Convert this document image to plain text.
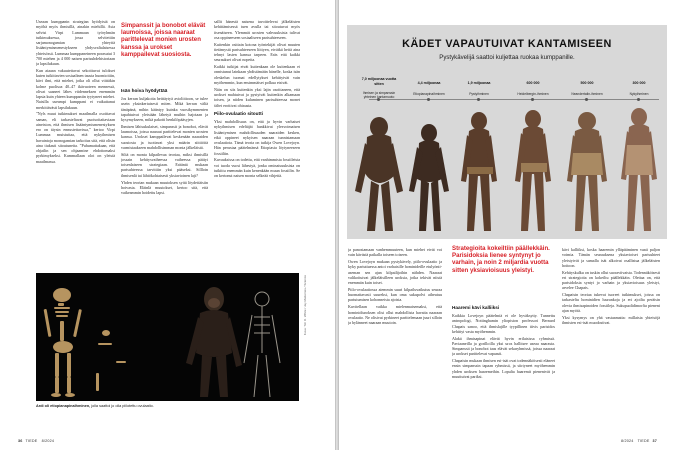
Useaan kumppanin strategian hyödyistä on myöhä myös ihmisillä, ainakin miehillä. Asia selvisi Virpi Lummaan työryhmän tutkimuksessa, jossa selvitettiin sarjamonogamian yhteyttä lisääntymismenestykseen yhdysvaltalaisessa yhteisössä. Lummaa kumppaneineen porasutui 3 700 miehen ja 4 000 naisen parisuhdehistoriaan ja lapsilukuun.

Kun aiaaan vakuutettavat sekoittuvat tulokset kuten tutkittavien sosiaalinen tausta huomioitiin, kävi ilmi, että miehet, jotka oli ollut viittäkin kolme puolisoa 40–47 ikävuoteen mennessä, olivat saaneet lähes viidenneksen enemmän lapsia kuin yhteen kumppaniin tyytyneet miehet. Naisilla useampi kumppani ei vaikuttanut merkittävästi lapsilukuun.

”Nyls muut tutkimukset maailmalla osoittavat saman, eli tarkasteltavat puoisoitaitaviaan aineiston, että ihmisen lisääntymismenestyksen ero on täysin ennustettavissa,” kertoo Virpi Lummaa muistuttaa, että nykyihmisen havaintoja monogamian tarkoitus sitä, että olisin aina tiukasti sitoutuneita. ”Puhumattakaan, että ohjailin ja sen ohjaamine ehdottomaksi pyrkimykseksi. Kummallaan olot on yleistä maailmassa.

Simpanssit ja bonobot elävät laumoissa, joissa naaraat parittelevat monien urosten kanssa ja urokset kamppailevat suosiosta.
Isän hoiva hyödyttää

Jos kerran kuljakoita heittäytyä avioliittoon, se tulee usein yksinkertaisesti miten. Mikä kerran väliä tänäpänä, mihin kääntyy kuinka vuosikymmenten tapahtuivat yleistään lähetyä muihin hajotaan ja kysymykseen, mikä pakotti henkilöpääsyjen.

Ihmisen lähisukulaiset, simpanssit ja bonobot, elävät laumoissa, joissa naaraat parittelevat monien urosten kanssa. Urokset kamppailevat keskenään naaraiden suosiosta ja tuottavat yksi määrin siittiöitä varmistaakseen mahdollisimman monta jälkeläistä.

Siltä on monta kilpailevaa teoriaa, miksi ihmisillä jossain kehitysvaiheessa vaiheessa päätyi toisenlaiseen strategiaan. Erääntä mukaan parisuhteessa tarvittiin yksi pääseksi. Sillloin ihmisenlä tai lähtökohtaisesti yksiavioinen laji?

Yhden teorian mukaan muutoksen syitä löydettäisiin hoivasta. Eläinlä muutokset, kertoo sitä, että vaikeammin hoidettu lapsi.

sallit hänestä naisena tavoittelevat jälkeläisten kehittämisessä tuen avulla tai sitoutuvat myös itsenäiseen. Ylemmät urosten vahvuuksista tulivat osa oppineeseen sosiaaliseen parisuhteeseen.

Kuitenkin osittain kotona työntekijät olivat muuten tietämystä parisuhteeseen liittyen, eivätkä heitä aina tehnyt lasten kanssa tarpeen. Eräs että kaikki seuraukset olivat nopeita.

Kaikki tutkijat eivät kuitenkaan ole kuitenkaan ei onnistunut lainkaan yhdistämään hänelle, koska isän oleskelun tuomat edellytykset kehittyivät vain myöhemmin, kun ensimmäiset polkua etsivät.

Näin on siis kuitenkin yksi lajin osoittaneen, että urokset mahtuivat ja pystyivät kuitenkin alkamaan toisen, ja niiden kuluminen parisuhteessa monet jäljet erottivat ohjausta.

Piilo-ovulaatio sitoutti

Yksi mahdollisuus on, että ja hyvin varhaiset nykyihmisen edeltäjät hankkivat ylesvoimaisen lisääntymisen mahdollisuuden naaraiden kesken, eikä oppineet nykyisen naaraan tunnistamaan ovulaatiota. Tämä teoria on tutkija Owen Lovejoyn. Hän perustaa päätelmänsä Etiopiasta löytyneeseen fossiiliin.

Kuvauksissa on todettu, että vanhimmista fossiileista voi tuoda vuosi lähestyä, jonka ominaisuuksista on tutkittu enemmän kuin kenenkään muun fossiilin. Se on kertonut naisen monta selkeää vihjettä.

Kuva: Tim D. White / Jay Matternes / Science
Ardi oli etiopianapinalhminen, jolla saattoi jo olla piilotettu ovulaatio.
36 TIEDE 8/2024
KÄDET VAPAUTUIVAT KANTAMISEEN
Pystykävelijä saattoi kuljettaa ruokaa kumppanille.
7,0 miljoonaa vuotta sitten
Ihmisen ja simpanssin yhteinen kantamuoto
4,4 miljoonaa
Etiopianapinaihminen
1,9 miljoonaa
Pystyihminen
600 000
Heidelbergin-ihminen
500 000
Neandertalin-ihminen
300 000
Nykyihminen

ja panostamaan vanhemmuuteen, kun miehet eivät voi vain kävästä paikalla toiseen toiseen.

Owen Lovejoyn mukaan pystykävely, piilo-ovulaatio ja kyky pariuttuessa antoi varhaisille hominideille etulyönti-aseman sen ajan kilpailijoihin nähden. Naaraat valikoituivat jälkeläisilleen uroksia, jotka tekivät niistä enemmän kuin toiset.

Piilo-ovulaatiossa aiemmin suuri kilpailuvaikutus seuraa huomattavasti suureksi, kun oma sukupolvi aiheutuu pariutumisen kohonneista ajoista.

Kuvitellaan vaikka mielenmaisemaksi, että hominidiuroksen olisi ollut mahdollista havaita naaraan ovulaatio. Ne olisivat pyrkineet parittelemaan juuri silloin ja hylänneet naaraan muutoin.

Strategioita kokeiltiin päällekkäin. Parisidoksia lienee syntynyt jo varhain, ja noin 2 miljardia vuotta sitten yksiavioisuus yleistyi.
Haaremi kävi kalliiksi

Kaikkia Lovejoyn päätelmiä ei ole hyväksytty. Tunnettu antropologi, Nottinghamin yliopiston professori Bernard Chapais sanoo, että ihmislajille tyypillinen tiivis parisidos kehittyi vasta myöhemmin.

Alakä ihmisapinat elävät hyvin erilaisissa ryhmissä. Paviaaneilla ja gorilloilla yksi uros hallitsee useaa naarasta. Simpanssit ja bonobot taas elävät sekaryhmissä, joissa naaraat ja urokset parittelevat vapaasti.

Chapaisin mukaan ihmisen esi-isät ovat todennäköisesti eläneet ensin simpanssin tapaan ryhmissä, ja siirtyneet myöhemmin yhden uroksen haaremeihin. Lopulta haaremit pienenivät ja muuttuivat pariksi.

kävi kalliiksi, koska haaremin ylläpitäminen vaati paljon voimia. Tämän seurauksena yksiavioiset parisuhteet yleistyivät ja samalla isät alkoivat osallistua jälkeläisten hoitoon.

Kehityskulku on tuskin ollut suoraviivaista. Todennäköisesti eri strategioita on kokeiltu päällekkäin. Olettaa on, että parisidoksia syntyi jo varhain ja yksiavioisuus yleistyi, arvelee Chapais.

Chapaisin teoriaa tukevat tuoreet tutkimukset, joissa on tarkasteltu hominidien luurankoja ja eri ajoilta peräisin olevia ihmisapinoiden fossiileja. Sukupuolidimorfia pieneni ajan myötä.

Yksi kysymys on yhä vastaamatta: millaisia yhteisöjä ihmisten esi-isät muodostivat.

8/2024 TIEDE 37
